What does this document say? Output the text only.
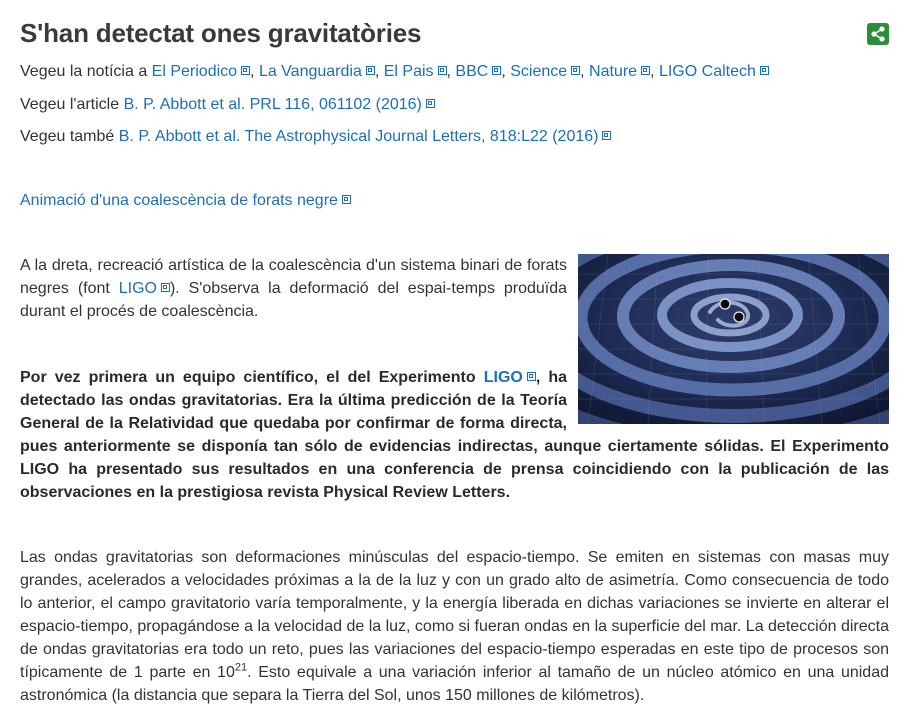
S'han detectat ones gravitatòries

Vegeu la notícia a El Periodico , La Vanguardia , El Pais , BBC , Science , Nature , LIGO Caltech

Vegeu l'article B. P. Abbott et al. PRL 116, 061102 (2016)

Vegeu també B. P. Abbott et al. The Astrophysical Journal Letters, 818:L22 (2016)

Animació d'una coalescència de forats negre

A la dreta, recreació artística de la coalescència d'un sistema binari de forats negres (font LIGO ). S'observa la deformació del espai-temps produïda durant el procés de coalescència.

Por vez primera un equipo científico, el del Experimento LIGO , ha detectado las ondas gravitatorias. Era la última predicción de la Teoría General de la Relatividad que quedaba por confirmar de forma directa, pues anteriormente se disponía tan sólo de evidencias indirectas, aunque ciertamente sólidas. El Experimento LIGO ha presentado sus resultados en una conferencia de prensa coincidiendo con la publicación de las observaciones en la prestigiosa revista Physical Review Letters.

Las ondas gravitatorias son deformaciones minúsculas del espacio-tiempo. Se emiten en sistemas con masas muy grandes, acelerados a velocidades próximas a la de la luz y con un grado alto de asimetría. Como consecuencia de todo lo anterior, el campo gravitatorio varía temporalmente, y la energía liberada en dichas variaciones se invierte en alterar el espacio-tiempo, propagándose a la velocidad de la luz, como si fueran ondas en la superficie del mar. La detección directa de ondas gravitatorias era todo un reto, pues las variaciones del espacio-tiempo esperadas en este tipo de procesos son típicamente de 1 parte en $10^{21}$. Esto equivale a una variación inferior al tamaño de un núcleo atómico en una unidad astronómica (la distancia que separa la Tierra del Sol, unos 150 millones de kilómetros).
